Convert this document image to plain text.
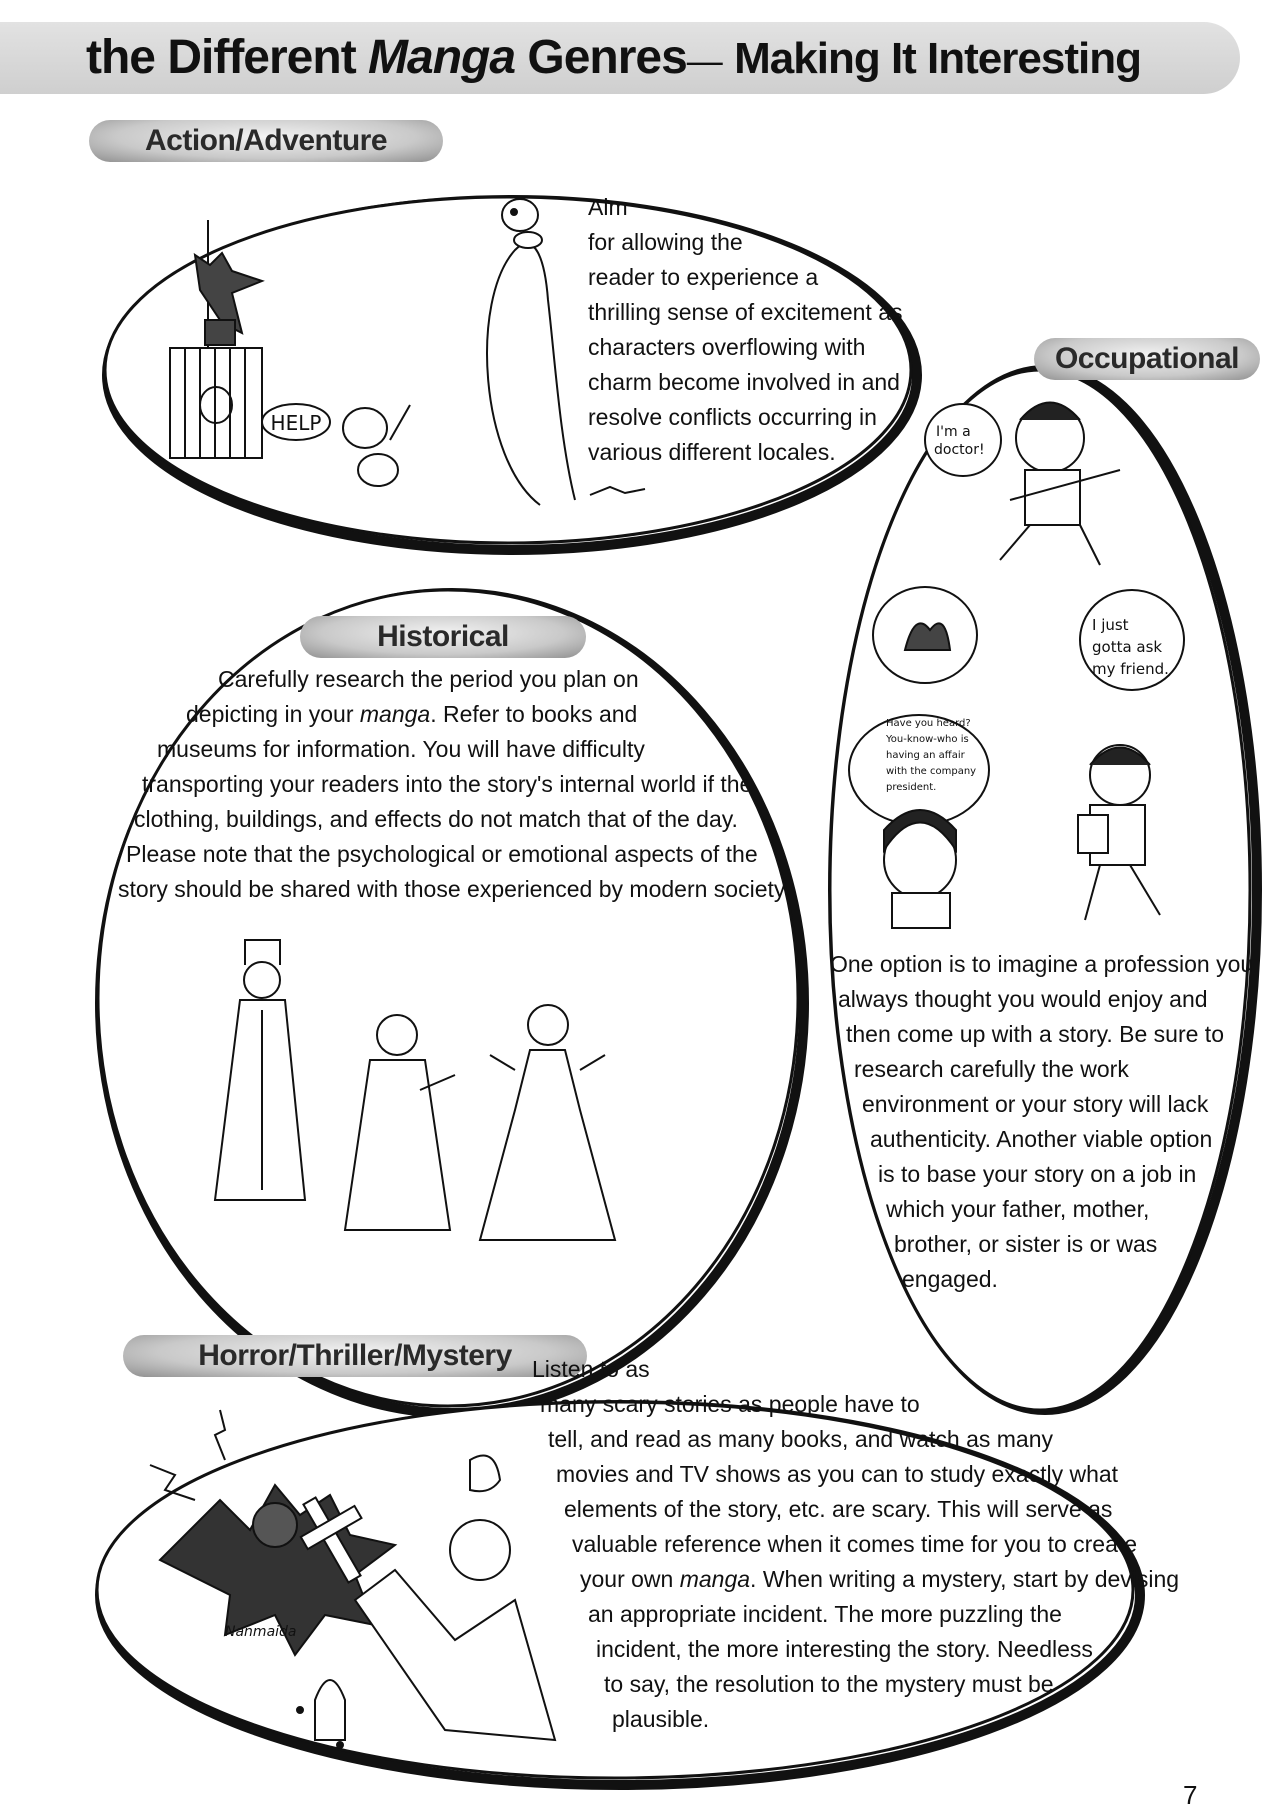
HELP
the Different Manga Genres— Making It Interesting
Action/Adventure
Aim
for allowing the
reader to experience a
thrilling sense of excitement as
characters overflowing with
charm become involved in and
resolve conflicts occurring in
various different locales.
Occupational
I'm a
doctor!
I just
gotta ask
my friend.
Have you heard?
You-know-who is
having an affair
with the company
president.
One option is to imagine a profession you
always thought you would enjoy and
then come up with a story. Be sure to
research carefully the work
environment or your story will lack
authenticity. Another viable option
is to base your story on a job in
which your father, mother,
brother, or sister is or was
engaged.
Historical
Carefully research the period you plan on
depicting in your manga. Refer to books and
museums for information. You will have difficulty
transporting your readers into the story's internal world if the
clothing, buildings, and effects do not match that of the day.
Please note that the psychological or emotional aspects of the
story should be shared with those experienced by modern society.
Horror/Thriller/Mystery Listen to as
many scary stories as people have to
tell, and read as many books, and watch as many
movies and TV shows as you can to study exactly what
elements of the story, etc. are scary. This will serve as
valuable reference when it comes time for you to create
your own manga. When writing a mystery, start by devising
an appropriate incident. The more puzzling the
incident, the more interesting the story. Needless
to say, the resolution to the mystery must be
plausible.
Nanmaida
7
